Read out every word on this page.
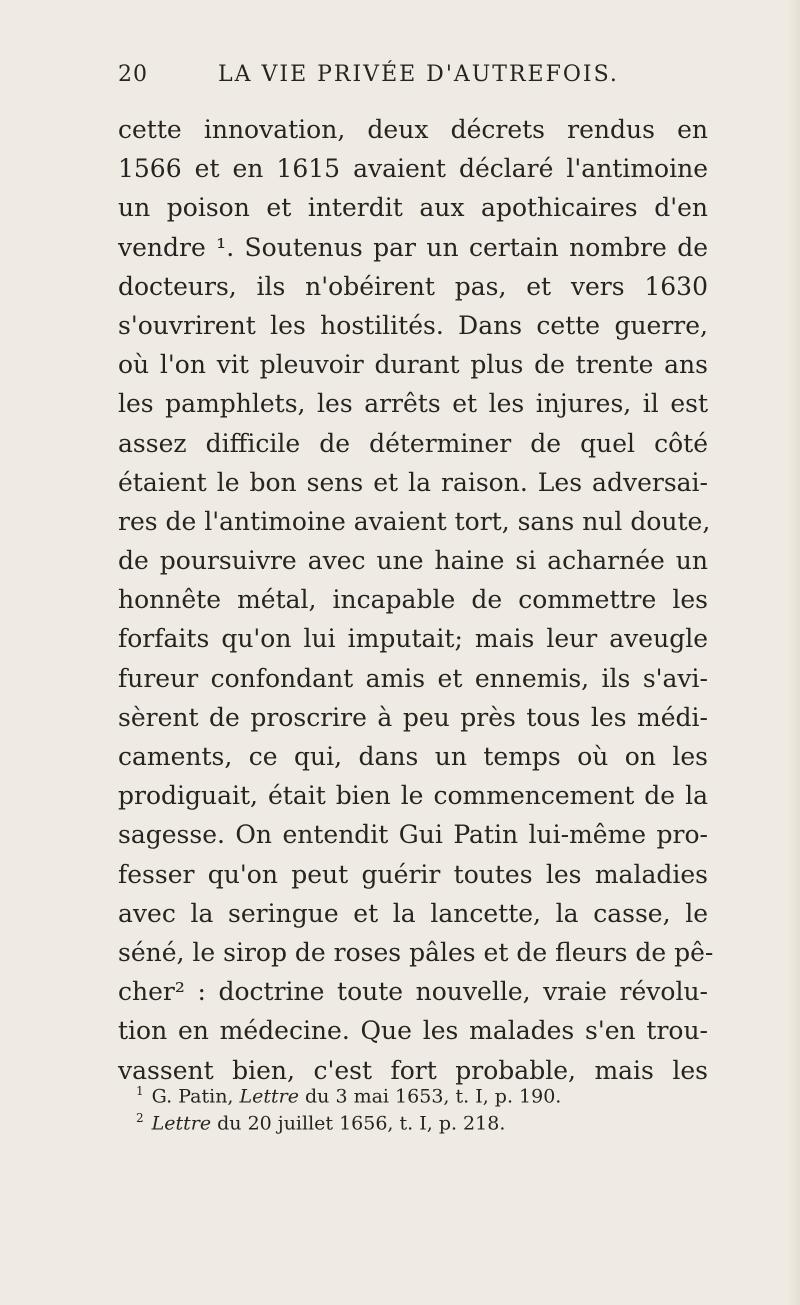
20	LA VIE PRIVÉE D'AUTREFOIS.
cette innovation, deux décrets rendus en
1566 et en 1615 avaient déclaré l'antimoine
un poison et interdit aux apothicaires d'en
vendre ¹. Soutenus par un certain nombre de
docteurs, ils n'obéirent pas, et vers 1630
s'ouvrirent les hostilités. Dans cette guerre,
où l'on vit pleuvoir durant plus de trente ans
les pamphlets, les arrêts et les injures, il est
assez difficile de déterminer de quel côté
étaient le bon sens et la raison. Les adversai-
res de l'antimoine avaient tort, sans nul doute,
de poursuivre avec une haine si acharnée un
honnête métal, incapable de commettre les
forfaits qu'on lui imputait; mais leur aveugle
fureur confondant amis et ennemis, ils s'avi-
sèrent de proscrire à peu près tous les médi-
caments, ce qui, dans un temps où on les
prodiguait, était bien le commencement de la
sagesse. On entendit Gui Patin lui-même pro-
fesser qu'on peut guérir toutes les maladies
avec la seringue et la lancette, la casse, le
séné, le sirop de roses pâles et de fleurs de pê-
cher² : doctrine toute nouvelle, vraie révolu-
tion en médecine. Que les malades s'en trou-
vassent bien, c'est fort probable, mais les
$^1$ G. Patin, Lettre du 3 mai 1653, t. I, p. 190.
$^2$ Lettre du 20 juillet 1656, t. I, p. 218.
